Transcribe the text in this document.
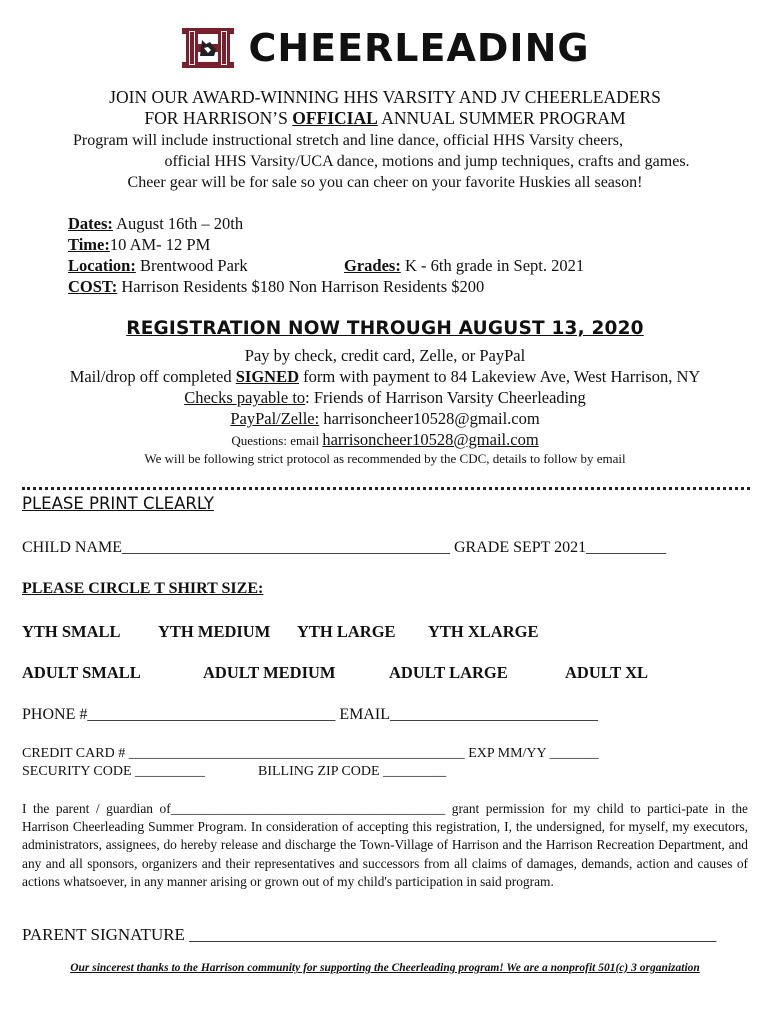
CHEERLEADING
JOIN OUR AWARD-WINNING HHS VARSITY AND JV CHEERLEADERS
FOR HARRISON’S OFFICIAL ANNUAL SUMMER PROGRAM
Program will include instructional stretch and line dance, official HHS Varsity cheers,
official HHS Varsity/UCA dance, motions and jump techniques, crafts and games.
Cheer gear will be for sale so you can cheer on your favorite Huskies all season!
Dates: August 16th – 20th
Time:10 AM- 12 PM
Location: Brentwood Park	Grades: K - 6th grade in Sept. 2021
COST: Harrison Residents $180 Non Harrison Residents $200
REGISTRATION NOW THROUGH AUGUST 13, 2020
Pay by check, credit card, Zelle, or PayPal
Mail/drop off completed SIGNED form with payment to 84 Lakeview Ave, West Harrison, NY
Checks payable to: Friends of Harrison Varsity Cheerleading
PayPal/Zelle: harrisoncheer10528@gmail.com
Questions: email harrisoncheer10528@gmail.com
We will be following strict protocol as recommended by the CDC, details to follow by email
PLEASE PRINT CLEARLY
CHILD NAME_________________________________________ GRADE SEPT 2021__________
PLEASE CIRCLE T SHIRT SIZE:
YTH SMALL YTH MEDIUM YTH LARGE YTH XLARGE
ADULT SMALL	ADULT MEDIUM	ADULT LARGE	ADULT XL
PHONE #_______________________________ EMAIL__________________________
CREDIT CARD # ________________________________________________ EXP MM/YY _______
SECURITY CODE __________	BILLING ZIP CODE _________
I the parent / guardian of_________________________________________ grant permission for my child to partici-pate in the Harrison Cheerleading Summer Program. In consideration of accepting this registration, I, the undersigned, for myself, my executors, administrators, assignees, do hereby release and discharge the Town-Village of Harrison and the Harrison Recreation Department, and any and all sponsors, organizers and their representatives and successors from all claims of damages, demands, action and causes of actions whatsoever, in any manner arising or grown out of my child's participation in said program.
PARENT SIGNATURE ______________________________________________________________
Our sincerest thanks to the Harrison community for supporting the Cheerleading program! We are a nonprofit 501(c) 3 organization
